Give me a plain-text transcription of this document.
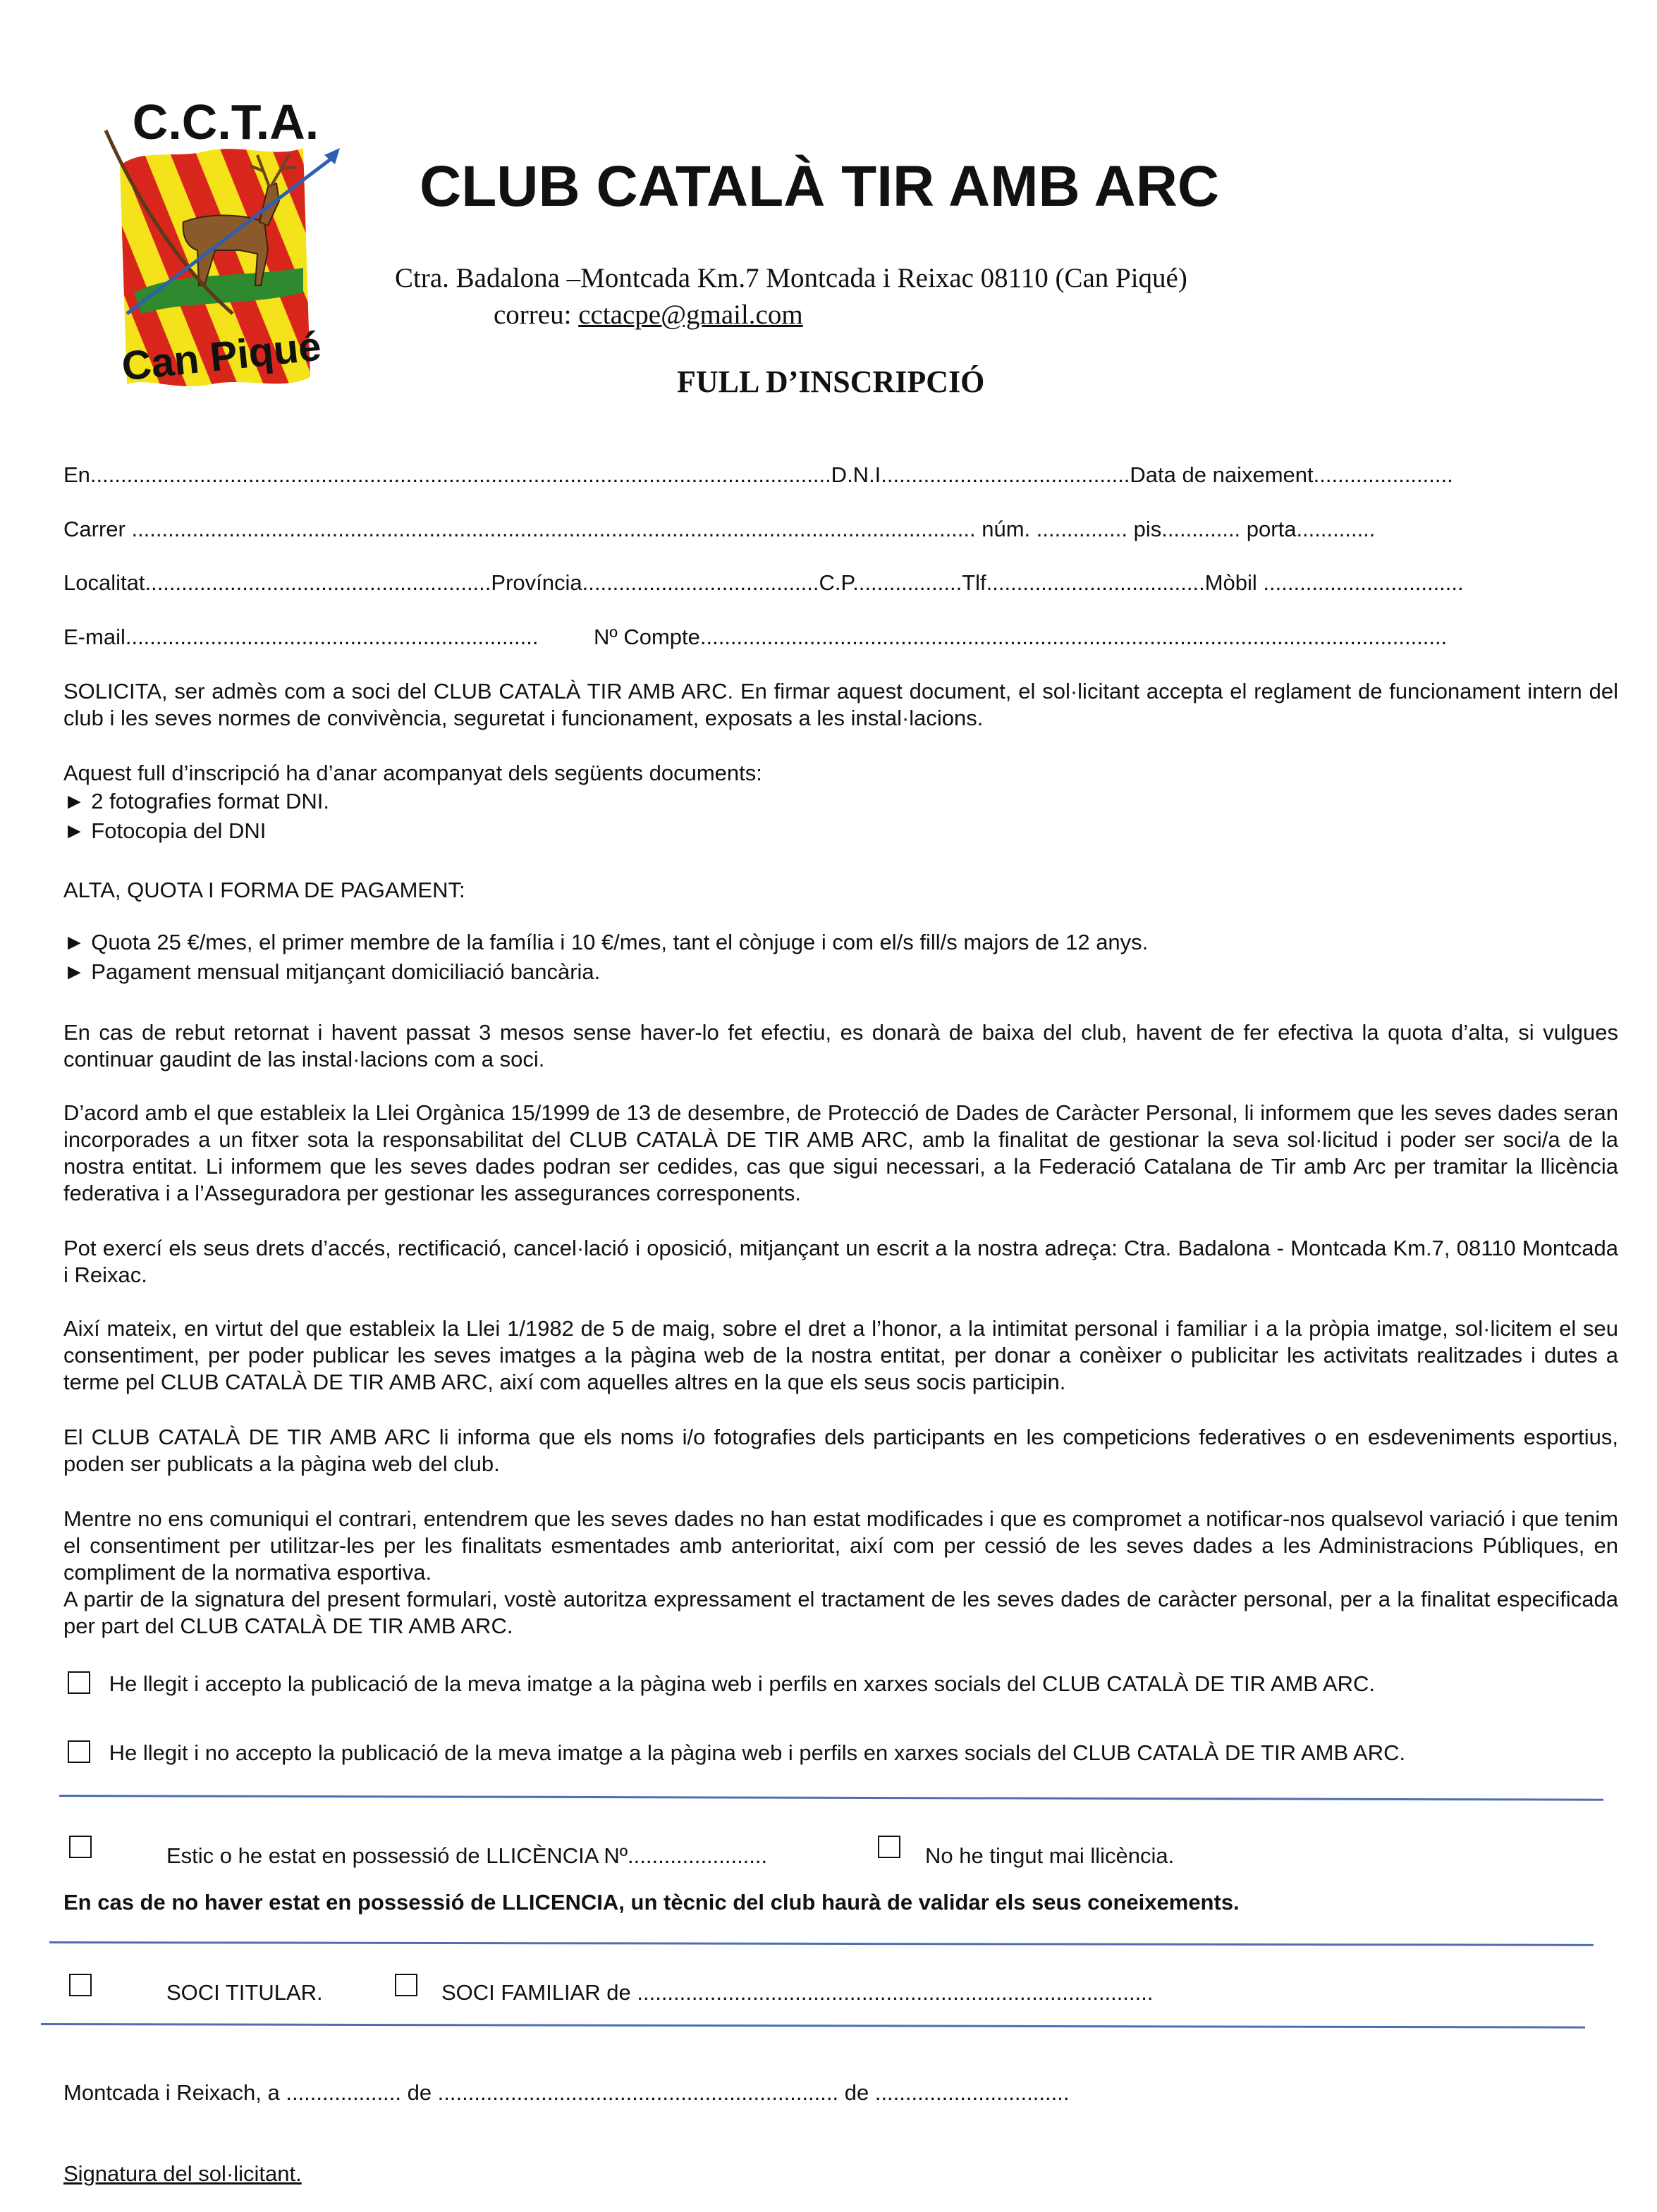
C.C.T.A.
Can Piqué
CLUB CATALÀ TIR AMB ARC
Ctra. Badalona –Montcada Km.7 Montcada i Reixac 08110 (Can Piqué)
correu: cctacpe@gmail.com
FULL D’INSCRIPCIÓ
En..........................................................................................................................D.N.I.........................................Data de naixement.......................
Carrer ........................................................................................................................................... núm. ............... pis............. porta.............
Localitat.........................................................Província.......................................C.P..................Tlf....................................Mòbil .................................
E-mail....................................................................	Nº Compte...........................................................................................................................
SOLICITA, ser admès com a soci del CLUB CATALÀ TIR AMB ARC. En firmar aquest document, el sol·licitant accepta el reglament de funcionament intern del club i les seves normes de convivència, seguretat i funcionament, exposats a les instal·lacions.

Aquest full d’inscripció ha d’anar acompanyat dels següents documents:

► 2 fotografies format DNI.

► Fotocopia del DNI

ALTA, QUOTA I FORMA DE PAGAMENT:

► Quota 25 €/mes, el primer membre de la família i 10 €/mes, tant el cònjuge i com el/s fill/s majors de 12 anys.

► Pagament mensual mitjançant domiciliació bancària.

En cas de rebut retornat i havent passat 3 mesos sense haver-lo fet efectiu, es donarà de baixa del club, havent de fer efectiva la quota d’alta, si vulgues continuar gaudint de las instal·lacions com a soci.
D’acord amb el que estableix la Llei Orgànica 15/1999 de 13 de desembre, de Protecció de Dades de Caràcter Personal, li informem que les seves dades seran incorporades a un fitxer sota la responsabilitat del CLUB CATALÀ DE TIR AMB ARC, amb la finalitat de gestionar la seva sol·licitud i poder ser soci/a de la nostra entitat. Li informem que les seves dades podran ser cedides, cas que sigui necessari, a la Federació Catalana de Tir amb Arc per tramitar la llicència federativa i a l’Asseguradora per gestionar les assegurances corresponents.
Pot exercí els seus drets d’accés, rectificació, cancel·lació i oposició, mitjançant un escrit a la nostra adreça: Ctra. Badalona - Montcada Km.7, 08110 Montcada i Reixac.
Així mateix, en virtut del que estableix la Llei 1/1982 de 5 de maig, sobre el dret a l’honor, a la intimitat personal i familiar i a la pròpia imatge, sol·licitem el seu consentiment, per poder publicar les seves imatges a la pàgina web de la nostra entitat, per donar a conèixer o publicitar les activitats realitzades i dutes a terme pel CLUB CATALÀ DE TIR AMB ARC, així com aquelles altres en la que els seus socis participin.
El CLUB CATALÀ DE TIR AMB ARC li informa que els noms i/o fotografies dels participants en les competicions federatives o en esdeveniments esportius, poden ser publicats a la pàgina web del club.

Mentre no ens comuniqui el contrari, entendrem que les seves dades no han estat modificades i que es compromet a notificar-nos qualsevol variació i que tenim el consentiment per utilitzar-les per les finalitats esmentades amb anterioritat, així com per cessió de les seves dades a les Administracions Públiques, en compliment de la normativa esportiva.

A partir de la signatura del present formulari, vostè autoritza expressament el tractament de les seves dades de caràcter personal, per a la finalitat especificada per part del CLUB CATALÀ DE TIR AMB ARC.

He llegit i accepto la publicació de la meva imatge a la pàgina web i perfils en xarxes socials del CLUB CATALÀ DE TIR AMB ARC.
He llegit i no accepto la publicació de la meva imatge a la pàgina web i perfils en xarxes socials del CLUB CATALÀ DE TIR AMB ARC.
Estic o he estat en possessió de LLICÈNCIA Nº.......................	No he tingut mai llicència.
En cas de no haver estat en possessió de LLICENCIA, un tècnic del club haurà de validar els seus coneixements.
SOCI TITULAR.	SOCI FAMILIAR de .....................................................................................
Montcada i Reixach, a ................... de .................................................................. de ................................
Signatura del sol·licitant.
